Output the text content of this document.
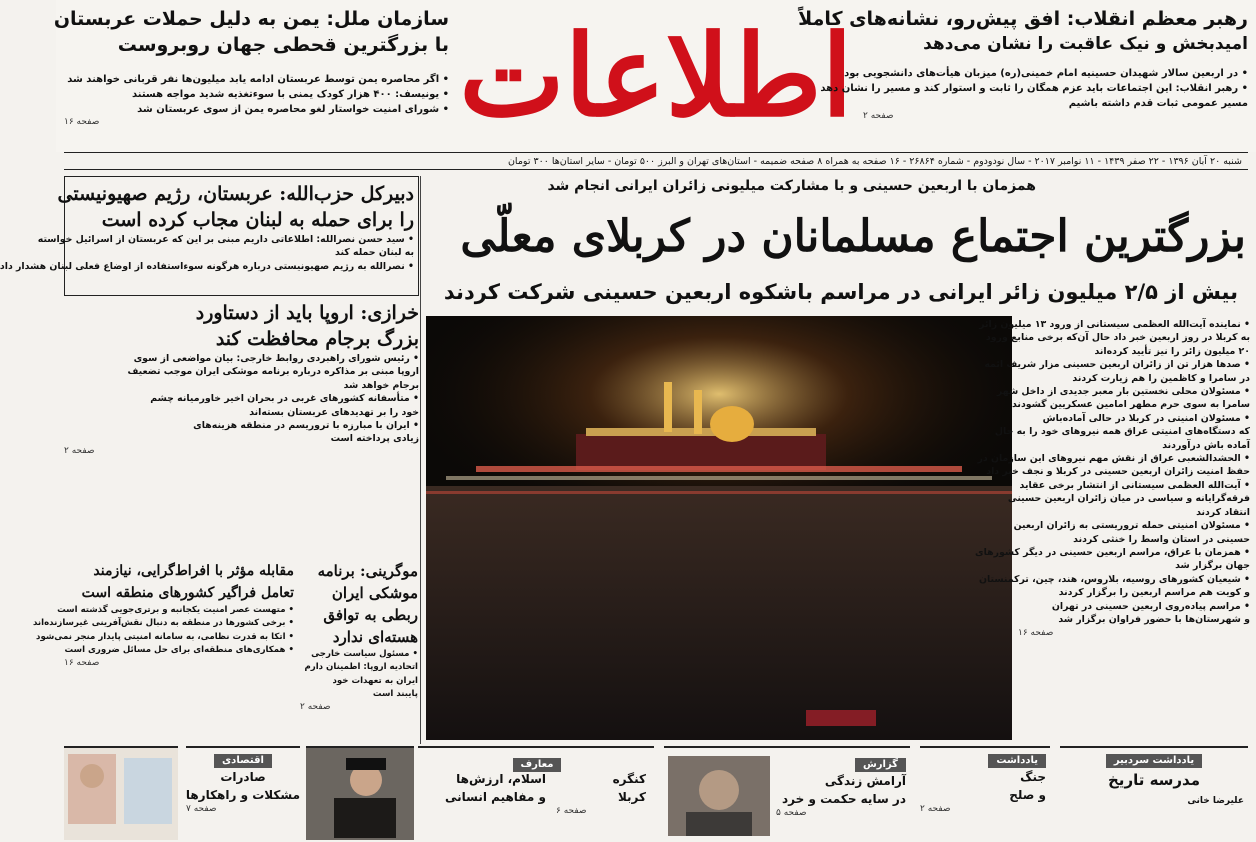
اطلاعات
رهبر معظم انقلاب: افق پیش‌رو، نشانه‌های کاملاً
امیدبخش و نیک عاقبت را نشان می‌دهد
• در اربعین سالار شهیدان حسینیه امام خمینی(ره) میزبان هیأت‌های دانشجویی بود
• رهبر انقلاب: این اجتماعات باید عزم همگان را ثابت و استوار کند و مسیر را نشان دهد
مسیر عمومی ثبات قدم داشته باشیم
صفحه ۲
سازمان ملل: یمن به دلیل حملات عربستان
با بزرگترین قحطی جهان روبروست
• اگر محاصره یمن توسط عربستان ادامه یابد میلیون‌ها نفر قربانی خواهند شد
• یونیسف: ۴۰۰ هزار کودک یمنی با سوءتغذیه شدید مواجه هستند
• شورای امنیت خواستار لغو محاصره یمن از سوی عربستان شد
صفحه ۱۶
شنبه ۲۰ آبان ۱۳۹۶ - ۲۲ صفر ۱۴۳۹ - ۱۱ نوامبر ۲۰۱۷ - سال نودودوم - شماره ۲۶۸۶۴ - ۱۶ صفحه به همراه ۸ صفحه ضمیمه - استان‌های تهران و البرز ۵۰۰ تومان - سایر استان‌ها ۳۰۰ تومان
همزمان با اربعین حسینی و با مشارکت میلیونی زائران ایرانی انجام شد
بزرگترین اجتماع مسلمانان در کربلای معلّی
بیش از ۲/۵ میلیون زائر ایرانی در مراسم باشکوه اربعین حسینی شرکت کردند
• نماینده آیت‌الله العظمی سیستانی از ورود ۱۳ میلیون زائر
به کربلا در روز اربعین خبر داد حال آن‌که برخی منابع ورود
۲۰ میلیون زائر را نیز تأیید کرده‌اند
• صدها هزار تن از زائران اربعین حسینی مزار شریف ائمه
در سامرا و کاظمین را هم زیارت کردند
• مسئولان محلی نخستین بار معبر جدیدی از داخل شهر
سامرا به سوی حرم مطهر امامین عسکریین گشودند
• مسئولان امنیتی در کربلا در حالی آماده‌باش
که دستگاه‌های امنیتی عراق همه نیروهای خود را به حال
آماده باش درآوردند
• الحشدالشعبی عراق از نقش مهم نیروهای این سازمان در
حفظ امنیت زائران اربعین حسینی در کربلا و نجف خبر داد
• آیت‌الله العظمی سیستانی از انتشار برخی عقاید
فرقه‌گرایانه و سیاسی در میان زائران اربعین حسینی
انتقاد کردند
• مسئولان امنیتی حمله تروریستی به زائران اربعین
حسینی در استان واسط را خنثی کردند
• همزمان با عراق، مراسم اربعین حسینی در دیگر کشورهای
جهان برگزار شد
• شیعیان کشورهای روسیه، بلاروس، هند، چین، ترکمنستان
و کویت هم مراسم اربعین را برگزار کردند
• مراسم پیاده‌روی اربعین حسینی در تهران
و شهرستان‌ها با حضور فراوان برگزار شد
صفحه ۱۶
دبیرکل حزب‌الله: عربستان، رژیم صهیونیستی
را برای حمله به لبنان مجاب کرده است
• سید حسن نصرالله: اطلاعاتی داریم مبنی بر این که عربستان از اسرائیل خواسته
به لبنان حمله کند
• نصرالله به رژیم صهیونیستی درباره هرگونه سوءاستفاده از اوضاع فعلی لبنان هشدار داد
خرازی: اروپا باید از دستاورد
بزرگ برجام محافظت کند
• رئیس شورای راهبردی روابط خارجی: بیان مواضعی از سوی
اروپا مبنی بر مذاکره درباره برنامه موشکی ایران موجب تضعیف
برجام خواهد شد
• متأسفانه کشورهای غربی در بحران اخیر خاورمیانه چشم
خود را بر تهدیدهای عربستان بسته‌اند
• ایران با مبارزه با تروریسم در منطقه هزینه‌های
زیادی پرداخته است
صفحه ۲
مقابله مؤثر با افراط‌گرایی، نیازمند
تعامل فراگیر کشورهای منطقه است
• متهست عصر امنیت یکجانبه و برتری‌جویی گذشته است
• برخی کشورها در منطقه به دنبال نقش‌آفرینی غیرسازنده‌اند
• اتکا به قدرت نظامی، به سامانه امنیتی پایدار منجر نمی‌شود
• همکاری‌های منطقه‌ای برای حل مسائل ضروری است
صفحه ۱۶
موگرینی: برنامه
موشکی ایران
ربطی به توافق
هسته‌ای ندارد
• مسئول سیاست خارجی
اتحادیه اروپا: اطمینان دارم
ایران به تعهدات خود
پایبند است
صفحه ۲
یادداشت سردبیر
مدرسه تاریخ
علیرضا خانی
یادداشت
جنگ
و صلح
صفحه ۲
گزارش
آرامش زندگی
در سایه حکمت و خرد
صفحه ۵
معارف
کنگره
کربلا
صفحه ۶
اسلام، ارزش‌ها
و مفاهیم انسانی
اقتصادی
صادرات
مشکلات و راهکارها
صفحه ۷
